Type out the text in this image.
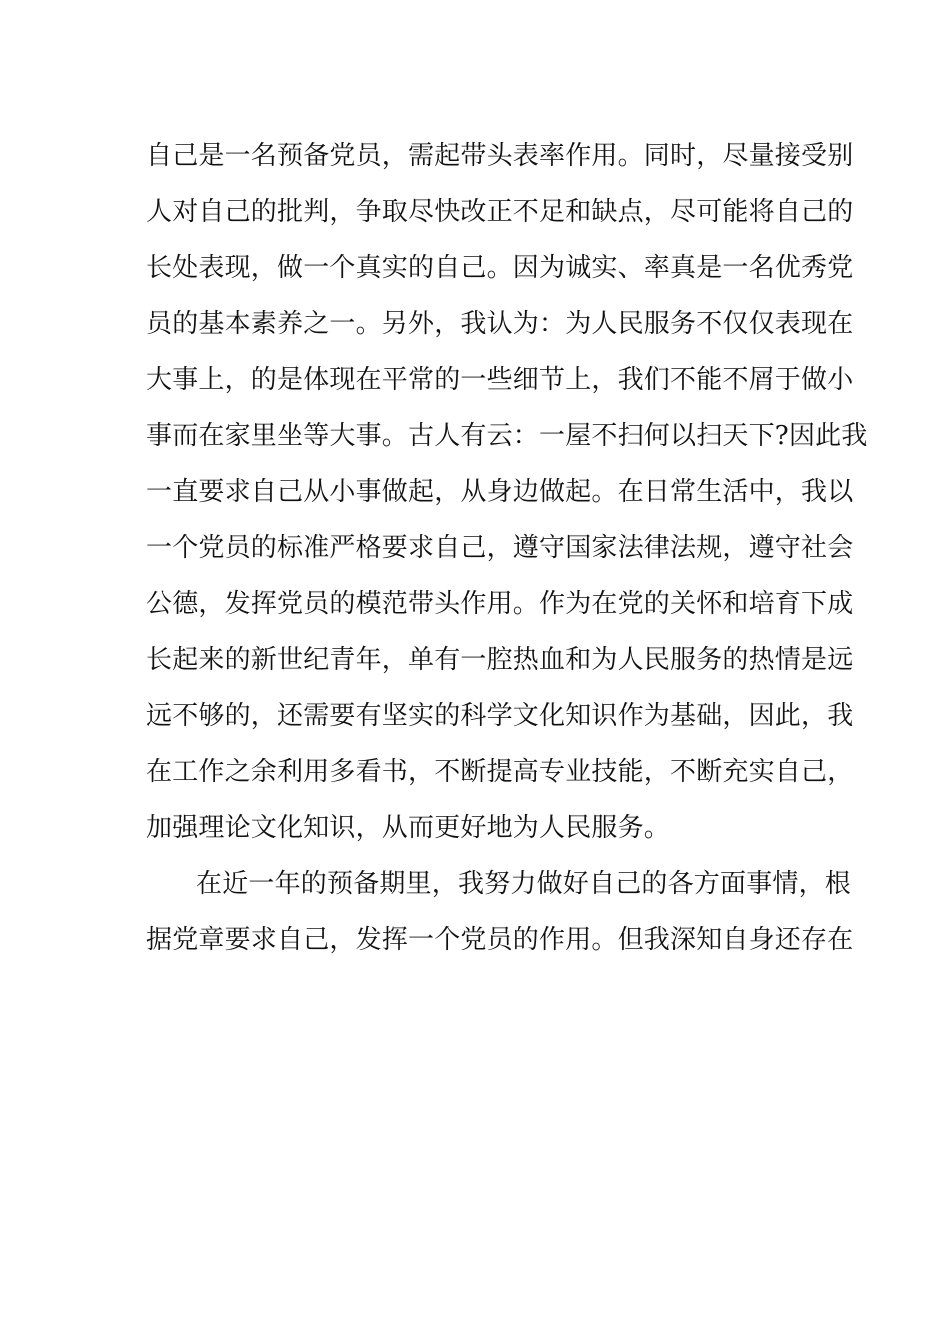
自己是一名预备党员，需起带头表率作用。同时，尽量接受别
人对自己的批判，争取尽快改正不足和缺点，尽可能将自己的
长处表现，做一个真实的自己。因为诚实、率真是一名优秀党
员的基本素养之一。另外，我认为：为人民服务不仅仅表现在
大事上，的是体现在平常的一些细节上，我们不能不屑于做小
事而在家里坐等大事。古人有云：一屋不扫何以扫天下?因此我
一直要求自己从小事做起，从身边做起。在日常生活中，我以
一个党员的标准严格要求自己，遵守国家法律法规，遵守社会
公德，发挥党员的模范带头作用。作为在党的关怀和培育下成
长起来的新世纪青年，单有一腔热血和为人民服务的热情是远
远不够的，还需要有坚实的科学文化知识作为基础，因此，我
在工作之余利用多看书，不断提高专业技能，不断充实自己，
加强理论文化知识，从而更好地为人民服务。
在近一年的预备期里，我努力做好自己的各方面事情，根
据党章要求自己，发挥一个党员的作用。但我深知自身还存在
